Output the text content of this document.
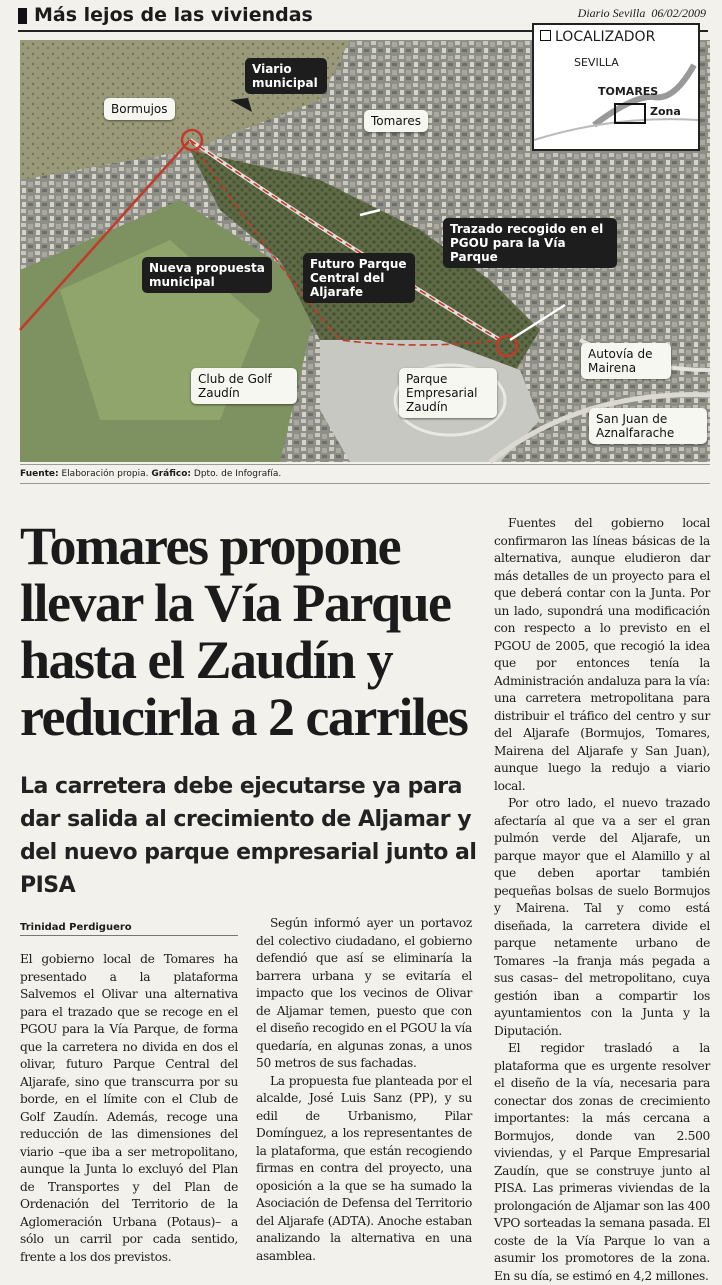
Más lejos de las viviendas	Diario Sevilla 06/02/2009
Viario municipal
Bormujos
Tomares
Trazado recogido en el PGOU para la Vía Parque
Nueva propuesta municipal
Futuro Parque Central del Aljarafe
Club de Golf Zaudín
Parque Empresarial Zaudín
Autovía de Mairena
San Juan de Aznalfarache
LOCALIZADOR
SEVILLA
TOMARES
Zona
Fuente: Elaboración propia. Gráfico: Dpto. de Infografía.
Tomares propone llevar la Vía Parque hasta el Zaudín y reducirla a 2 carriles
La carretera debe ejecutarse ya para dar salida al crecimiento de Aljamar y del nuevo parque empresarial junto al PISA
Trinidad Perdiguero

El gobierno local de Tomares ha presentado a la plataforma Salvemos el Olivar una alternativa para el trazado que se recoge en el PGOU para la Vía Parque, de forma que la carretera no divida en dos el olivar, futuro Parque Central del Aljarafe, sino que transcurra por su borde, en el límite con el Club de Golf Zaudín. Además, recoge una reducción de las dimensiones del viario –que iba a ser metropolitano, aunque la Junta lo excluyó del Plan de Transportes y del Plan de Ordenación del Territorio de la Aglomeración Urbana (Potaus)– a sólo un carril por cada sentido, frente a los dos previstos.

Según informó ayer un portavoz del colectivo ciudadano, el gobierno defendió que así se eliminaría la barrera urbana y se evitaría el impacto que los vecinos de Olivar de Aljamar temen, puesto que con el diseño recogido en el PGOU la vía quedaría, en algunas zonas, a unos 50 metros de sus fachadas.

La propuesta fue planteada por el alcalde, José Luis Sanz (PP), y su edil de Urbanismo, Pilar Domínguez, a los representantes de la plataforma, que están recogiendo firmas en contra del proyecto, una oposición a la que se ha sumado la Asociación de Defensa del Territorio del Aljarafe (ADTA). Anoche estaban analizando la alternativa en una asamblea.

Fuentes del gobierno local confirmaron las líneas básicas de la alternativa, aunque eludieron dar más detalles de un proyecto para el que deberá contar con la Junta. Por un lado, supondrá una modificación con respecto a lo previsto en el PGOU de 2005, que recogió la idea que por entonces tenía la Administración andaluza para la vía: una carretera metropolitana para distribuir el tráfico del centro y sur del Aljarafe (Bormujos, Tomares, Mairena del Aljarafe y San Juan), aunque luego la redujo a viario local.

Por otro lado, el nuevo trazado afectaría al que va a ser el gran pulmón verde del Aljarafe, un parque mayor que el Alamillo y al que deben aportar también pequeñas bolsas de suelo Bormujos y Mairena. Tal y como está diseñada, la carretera divide el parque netamente urbano de Tomares –la franja más pegada a sus casas– del metropolitano, cuya gestión iban a compartir los ayuntamientos con la Junta y la Diputación.

El regidor trasladó a la plataforma que es urgente resolver el diseño de la vía, necesaria para conectar dos zonas de crecimiento importantes: la más cercana a Bormujos, donde van 2.500 viviendas, y el Parque Empresarial Zaudín, que se construye junto al PISA. Las primeras viviendas de la prolongación de Aljamar son las 400 VPO sorteadas la semana pasada. El coste de la Vía Parque lo van a asumir los promotores de la zona. En su día, se estimó en 4,2 millones.
